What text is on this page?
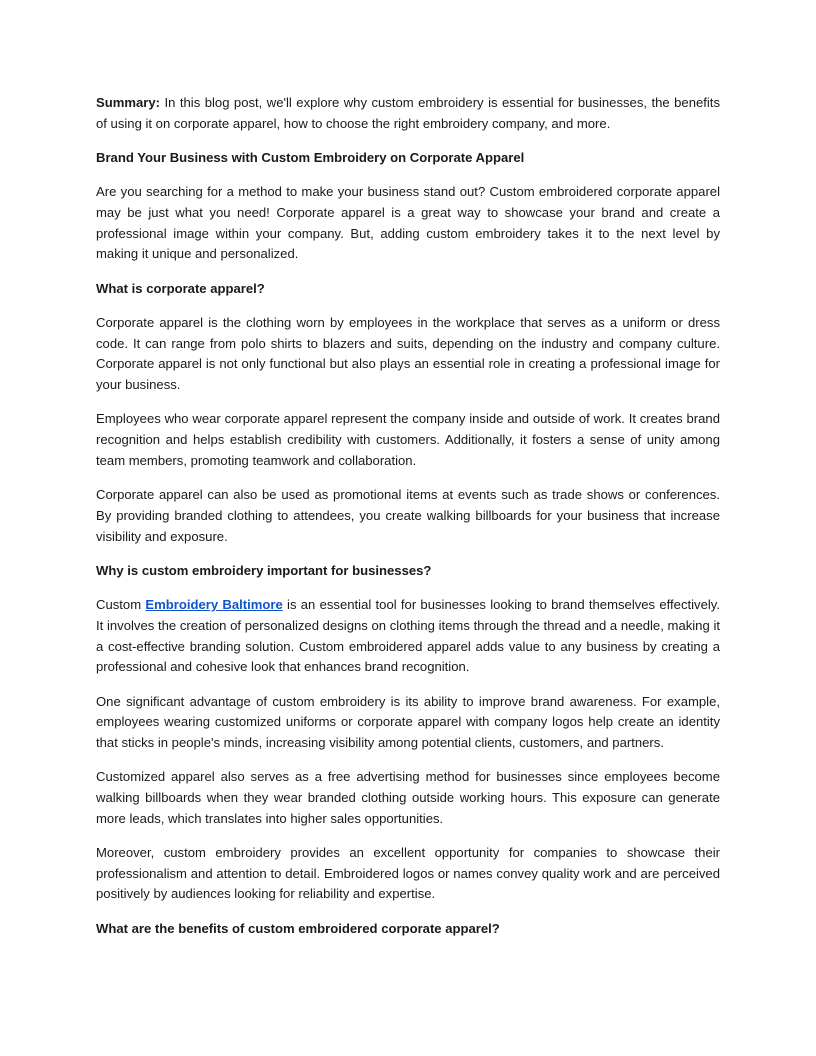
Summary: In this blog post, we'll explore why custom embroidery is essential for businesses, the benefits of using it on corporate apparel, how to choose the right embroidery company, and more.

Brand Your Business with Custom Embroidery on Corporate Apparel

Are you searching for a method to make your business stand out? Custom embroidered corporate apparel may be just what you need! Corporate apparel is a great way to showcase your brand and create a professional image within your company. But, adding custom embroidery takes it to the next level by making it unique and personalized.

What is corporate apparel?

Corporate apparel is the clothing worn by employees in the workplace that serves as a uniform or dress code. It can range from polo shirts to blazers and suits, depending on the industry and company culture. Corporate apparel is not only functional but also plays an essential role in creating a professional image for your business.

Employees who wear corporate apparel represent the company inside and outside of work. It creates brand recognition and helps establish credibility with customers. Additionally, it fosters a sense of unity among team members, promoting teamwork and collaboration.

Corporate apparel can also be used as promotional items at events such as trade shows or conferences. By providing branded clothing to attendees, you create walking billboards for your business that increase visibility and exposure.

Why is custom embroidery important for businesses?

Custom Embroidery Baltimore is an essential tool for businesses looking to brand themselves effectively. It involves the creation of personalized designs on clothing items through the thread and a needle, making it a cost-effective branding solution. Custom embroidered apparel adds value to any business by creating a professional and cohesive look that enhances brand recognition.

One significant advantage of custom embroidery is its ability to improve brand awareness. For example, employees wearing customized uniforms or corporate apparel with company logos help create an identity that sticks in people's minds, increasing visibility among potential clients, customers, and partners.

Customized apparel also serves as a free advertising method for businesses since employees become walking billboards when they wear branded clothing outside working hours. This exposure can generate more leads, which translates into higher sales opportunities.

Moreover, custom embroidery provides an excellent opportunity for companies to showcase their professionalism and attention to detail. Embroidered logos or names convey quality work and are perceived positively by audiences looking for reliability and expertise.

What are the benefits of custom embroidered corporate apparel?
